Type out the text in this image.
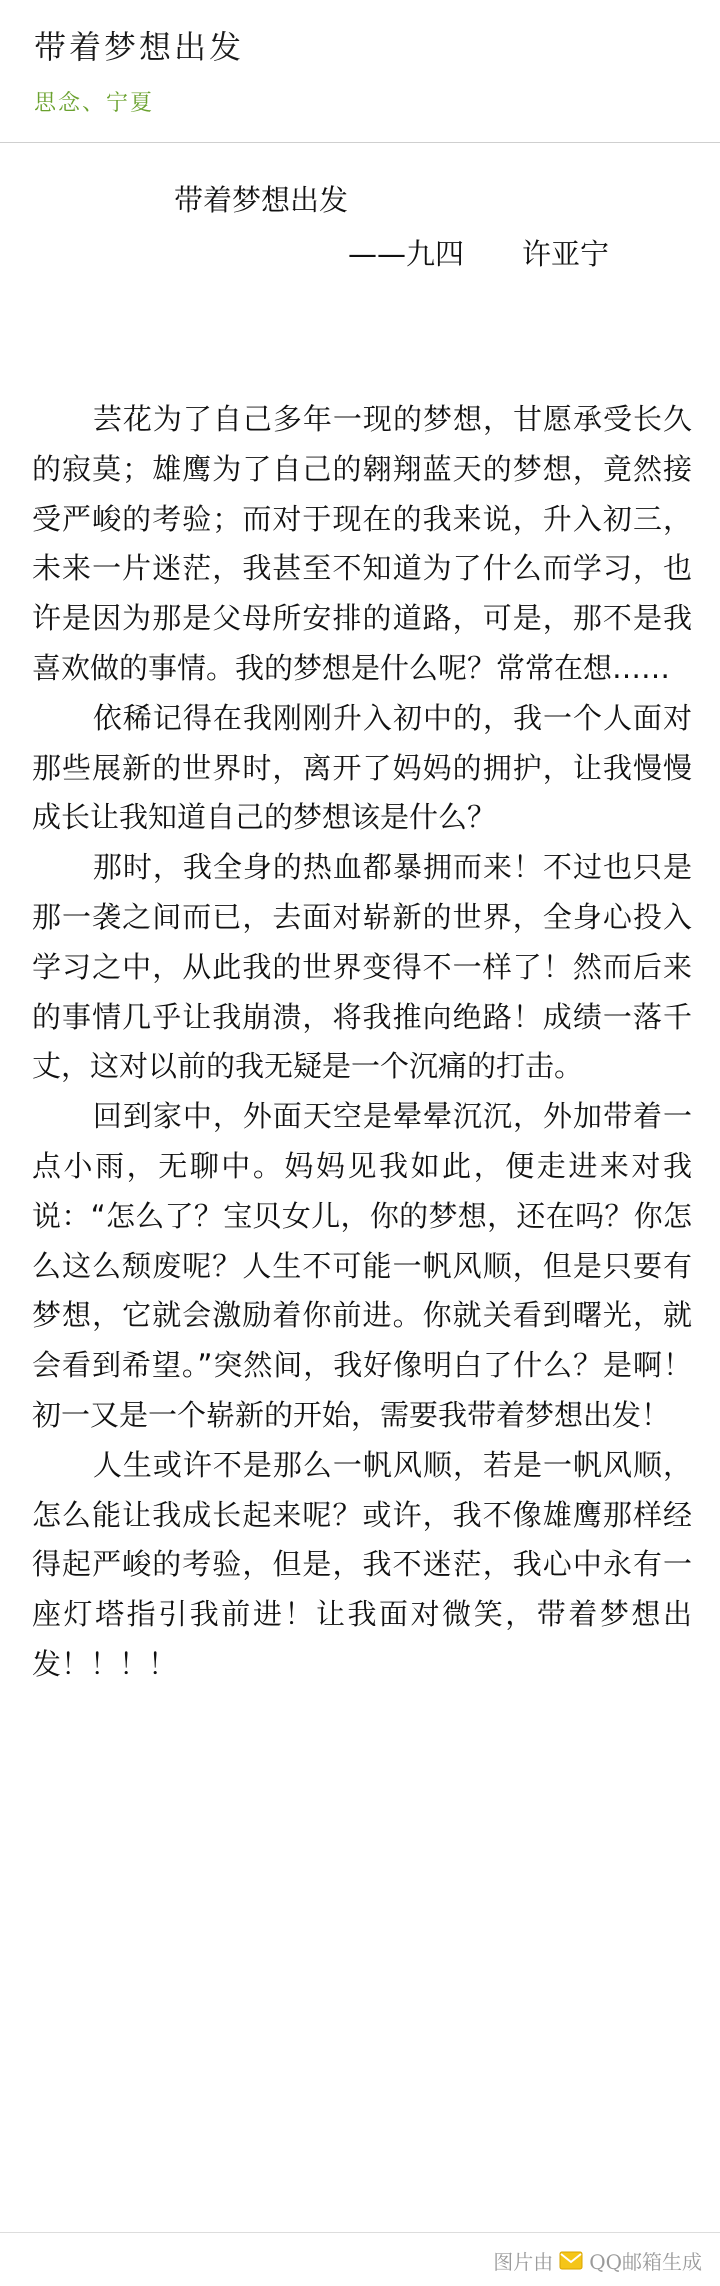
带着梦想出发
思念、宁夏
带着梦想出发
——九四　　许亚宁

芸花为了自己多年一现的梦想，甘愿承受长久的寂莫；雄鹰为了自己的翱翔蓝天的梦想，竟然接受严峻的考验；而对于现在的我来说，升入初三，未来一片迷茫，我甚至不知道为了什么而学习，也许是因为那是父母所安排的道路，可是，那不是我喜欢做的事情。我的梦想是什么呢？常常在想……

依稀记得在我刚刚升入初中的，我一个人面对那些展新的世界时，离开了妈妈的拥护，让我慢慢成长让我知道自己的梦想该是什么？

那时，我全身的热血都暴拥而来！不过也只是那一袭之间而已，去面对崭新的世界，全身心投入学习之中，从此我的世界变得不一样了！然而后来的事情几乎让我崩溃，将我推向绝路！成绩一落千丈，这对以前的我无疑是一个沉痛的打击。

回到家中，外面天空是晕晕沉沉，外加带着一点小雨，无聊中。妈妈见我如此，便走进来对我说：“怎么了？宝贝女儿，你的梦想，还在吗？你怎么这么颓废呢？人生不可能一帆风顺，但是只要有梦想，它就会激励着你前进。你就关看到曙光，就会看到希望。”突然间，我好像明白了什么？是啊！初一又是一个崭新的开始，需要我带着梦想出发！

人生或许不是那么一帆风顺，若是一帆风顺，怎么能让我成长起来呢？或许，我不像雄鹰那样经得起严峻的考验，但是，我不迷茫，我心中永有一座灯塔指引我前进！让我面对微笑，带着梦想出发！！！！

图片由 QQ邮箱生成
